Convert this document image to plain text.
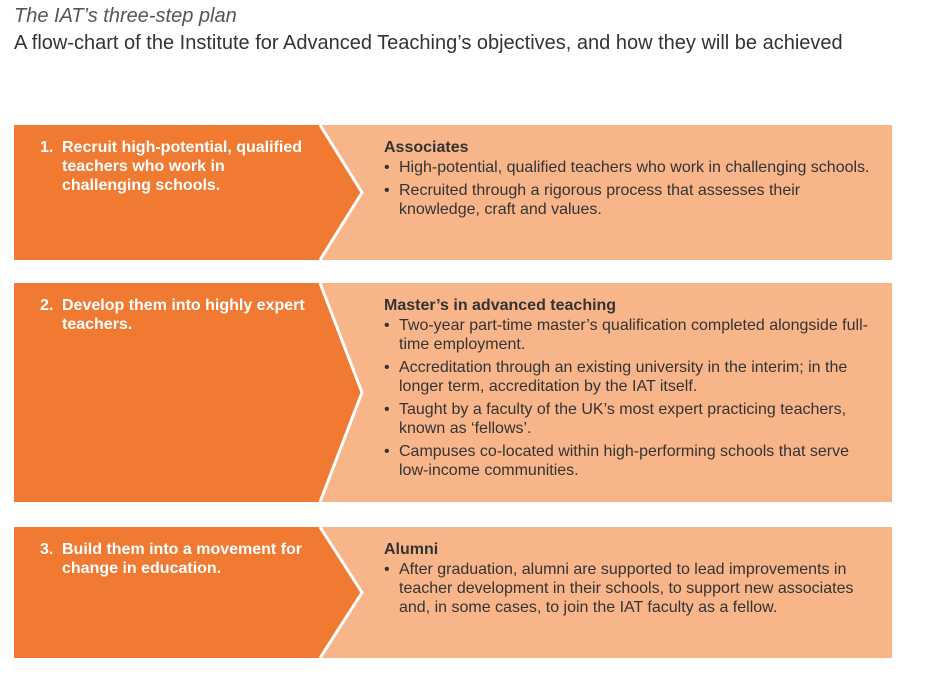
The IAT’s three-step plan

A flow-chart of the Institute for Advanced Teaching’s objectives, and how they will be achieved

1. Recruit high-potential, qualified teachers who work in challenging schools.
Associates
• High-potential, qualified teachers who work in challenging schools.
• Recruited through a rigorous process that assesses their knowledge, craft and values.
2. Develop them into highly expert teachers.
Master’s in advanced teaching
• Two-year part-time master’s qualification completed alongside full-time employment.
• Accreditation through an existing university in the interim; in the longer term, accreditation by the IAT itself.
• Taught by a faculty of the UK’s most expert practicing teachers, known as ‘fellows’.
• Campuses co-located within high-performing schools that serve low-income communities.
3. Build them into a movement for change in education.
Alumni
• After graduation, alumni are supported to lead improvements in teacher development in their schools, to support new associates and, in some cases, to join the IAT faculty as a fellow.
